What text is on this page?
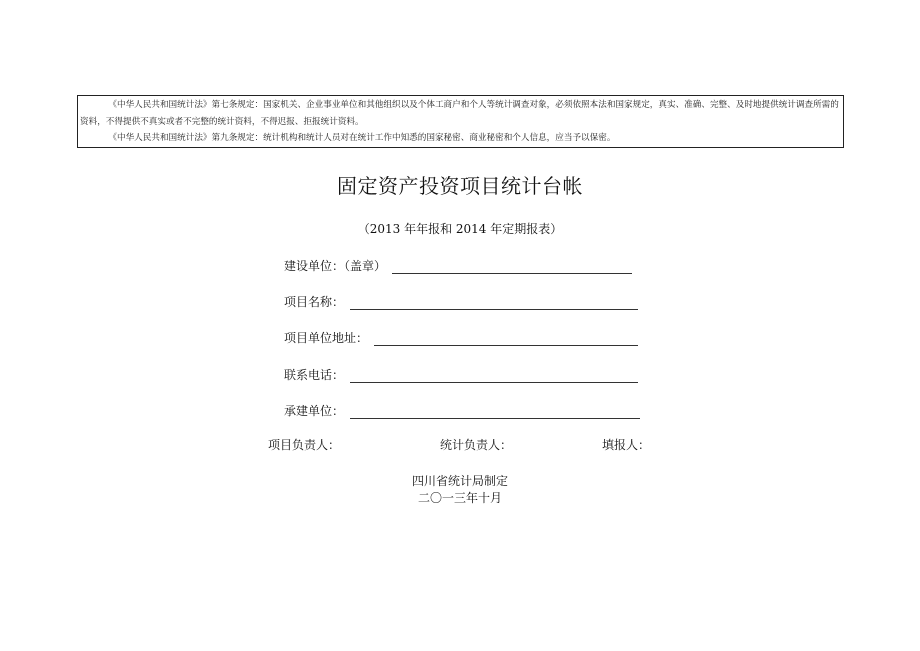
《中华人民共和国统计法》第七条规定：国家机关、企业事业单位和其他组织以及个体工商户和个人等统计调查对象，必须依照本法和国家规定，真实、准确、完整、及时地提供统计调查所需的资料，不得提供不真实或者不完整的统计资料，不得迟报、拒报统计资料。

《中华人民共和国统计法》第九条规定：统计机构和统计人员对在统计工作中知悉的国家秘密、商业秘密和个人信息，应当予以保密。

固定资产投资项目统计台帐
（2013 年年报和 2014 年定期报表）
建设单位：（盖章）
项目名称：
项目单位地址：
联系电话：
承建单位：
项目负责人：	统计负责人：	填报人：
四川省统计局制定
二〇一三年十月
